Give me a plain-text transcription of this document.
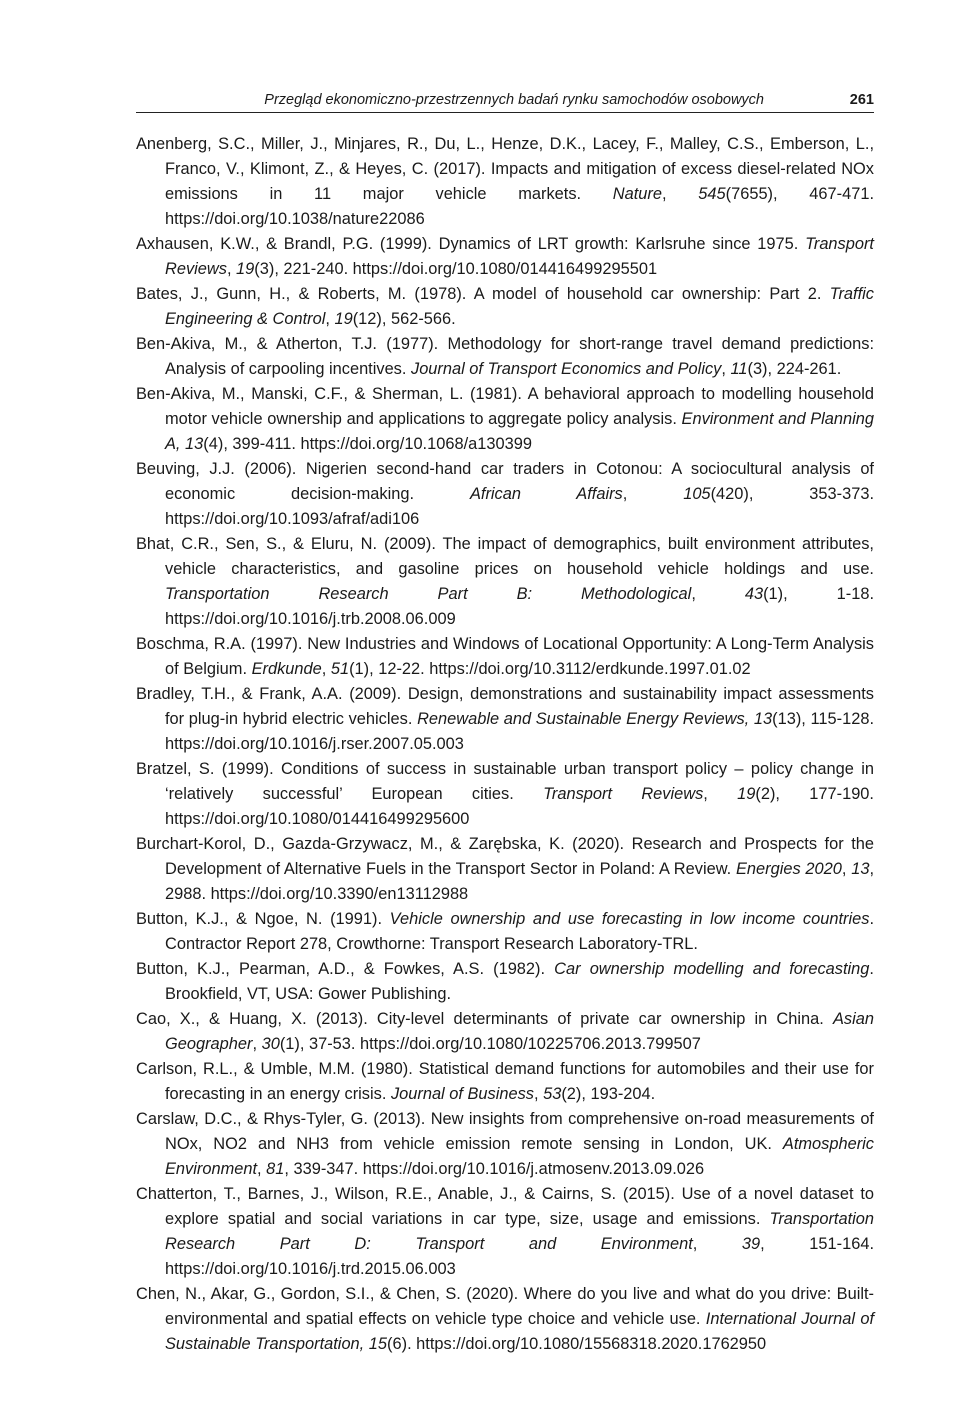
Przegląd ekonomiczno-przestrzennych badań rynku samochodów osobowych	261

Anenberg, S.C., Miller, J., Minjares, R., Du, L., Henze, D.K., Lacey, F., Malley, C.S., Emberson, L., Franco, V., Klimont, Z., & Heyes, C. (2017). Impacts and mitigation of excess diesel-related NOx emissions in 11 major vehicle markets. Nature, 545(7655), 467-471. https://doi.org/10.1038/nature22086

Axhausen, K.W., & Brandl, P.G. (1999). Dynamics of LRT growth: Karlsruhe since 1975. Transport Reviews, 19(3), 221-240. https://doi.org/10.1080/014416499295501

Bates, J., Gunn, H., & Roberts, M. (1978). A model of household car ownership: Part 2. Traffic Engineering & Control, 19(12), 562-566.

Ben-Akiva, M., & Atherton, T.J. (1977). Methodology for short-range travel demand predictions: Analysis of carpooling incentives. Journal of Transport Economics and Policy, 11(3), 224-261.

Ben-Akiva, M., Manski, C.F., & Sherman, L. (1981). A behavioral approach to modelling household motor vehicle ownership and applications to aggregate policy analysis. Environment and Planning A, 13(4), 399-411. https://doi.org/10.1068/a130399

Beuving, J.J. (2006). Nigerien second-hand car traders in Cotonou: A sociocultural analysis of economic decision-making. African Affairs, 105(420), 353-373. https://doi.org/10.1093/afraf/adi106

Bhat, C.R., Sen, S., & Eluru, N. (2009). The impact of demographics, built environment attributes, vehicle characteristics, and gasoline prices on household vehicle holdings and use. Transportation Research Part B: Methodological, 43(1), 1-18. https://doi.org/10.1016/j.trb.2008.06.009

Boschma, R.A. (1997). New Industries and Windows of Locational Opportunity: A Long-Term Analysis of Belgium. Erdkunde, 51(1), 12-22. https://doi.org/10.3112/erdkunde.1997.01.02

Bradley, T.H., & Frank, A.A. (2009). Design, demonstrations and sustainability impact assessments for plug-in hybrid electric vehicles. Renewable and Sustainable Energy Reviews, 13(13), 115-128. https://doi.org/10.1016/j.rser.2007.05.003

Bratzel, S. (1999). Conditions of success in sustainable urban transport policy – policy change in ‘relatively successful’ European cities. Transport Reviews, 19(2), 177-190. https://doi.org/10.1080/014416499295600

Burchart-Korol, D., Gazda-Grzywacz, M., & Zarębska, K. (2020). Research and Prospects for the Development of Alternative Fuels in the Transport Sector in Poland: A Review. Energies 2020, 13, 2988. https://doi.org/10.3390/en13112988

Button, K.J., & Ngoe, N. (1991). Vehicle ownership and use forecasting in low income countries. Contractor Report 278, Crowthorne: Transport Research Laboratory-TRL.

Button, K.J., Pearman, A.D., & Fowkes, A.S. (1982). Car ownership modelling and forecasting. Brookfield, VT, USA: Gower Publishing.

Cao, X., & Huang, X. (2013). City-level determinants of private car ownership in China. Asian Geographer, 30(1), 37-53. https://doi.org/10.1080/10225706.2013.799507

Carlson, R.L., & Umble, M.M. (1980). Statistical demand functions for automobiles and their use for forecasting in an energy crisis. Journal of Business, 53(2), 193-204.

Carslaw, D.C., & Rhys-Tyler, G. (2013). New insights from comprehensive on-road measurements of NOx, NO2 and NH3 from vehicle emission remote sensing in London, UK. Atmospheric Environment, 81, 339-347. https://doi.org/10.1016/j.atmosenv.2013.09.026

Chatterton, T., Barnes, J., Wilson, R.E., Anable, J., & Cairns, S. (2015). Use of a novel dataset to explore spatial and social variations in car type, size, usage and emissions. Transportation Research Part D: Transport and Environment, 39, 151-164. https://doi.org/10.1016/j.trd.2015.06.003

Chen, N., Akar, G., Gordon, S.I., & Chen, S. (2020). Where do you live and what do you drive: Built-environmental and spatial effects on vehicle type choice and vehicle use. International Journal of Sustainable Transportation, 15(6). https://doi.org/10.1080/15568318.2020.1762950
